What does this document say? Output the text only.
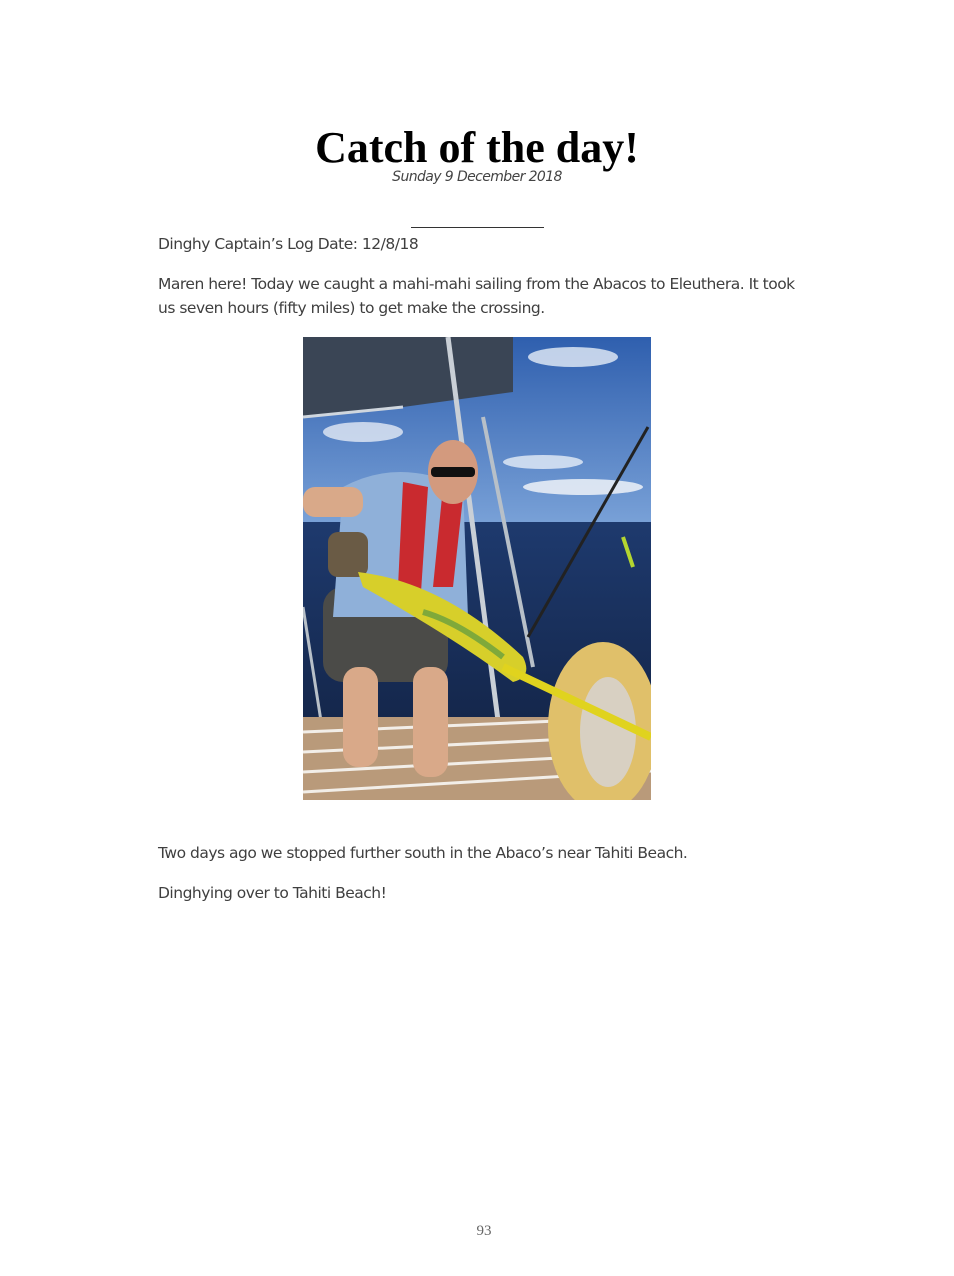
Catch of the day!
Sunday 9 December 2018

Dinghy Captain’s Log Date: 12/8/18

Maren here! Today we caught a mahi-mahi sailing from the Abacos to Eleuthera. It took us seven hours (fifty miles) to get make the crossing.

Two days ago we stopped further south in the Abaco’s near Tahiti Beach.

Dinghying over to Tahiti Beach!

93
